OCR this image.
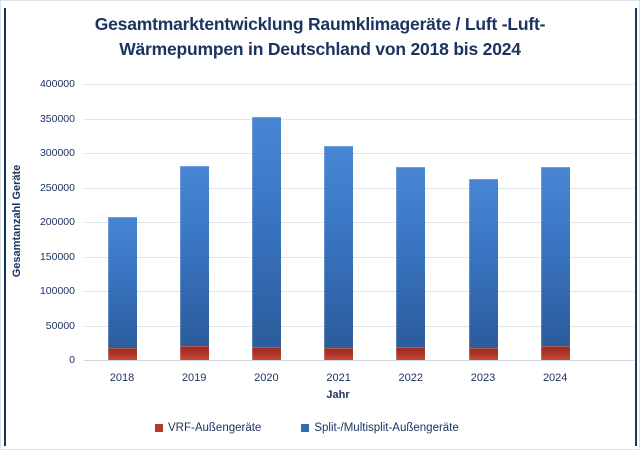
Gesamtmarktentwicklung Raumklimageräte / Luft -Luft-
Wärmepumpen in Deutschland von 2018 bis 2024
Gesamtanzahl Geräte
Jahr
VRF-Außengeräte	Split-/Multisplit-Außengeräte
0
50000
100000
150000
200000
250000
300000
350000
400000
2018	2019	2020	2021	2022	2023	2024
